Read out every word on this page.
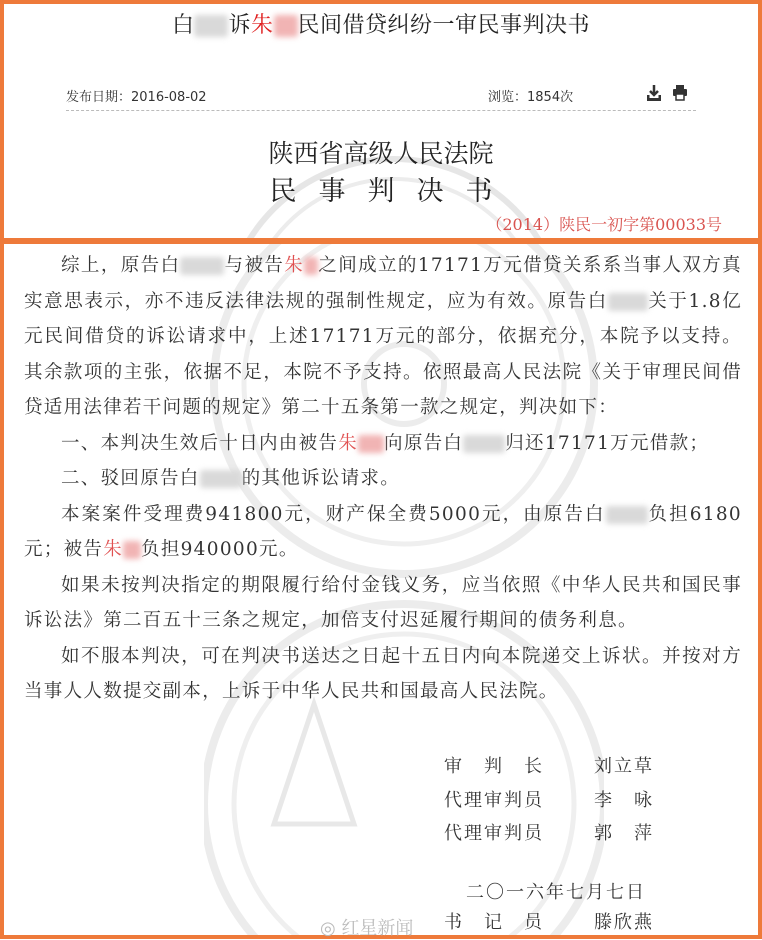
白 诉朱 民间借贷纠纷一审民事判决书
发布日期：2016-08-02	浏览：1854次
陕西省高级人民法院
民事判决书
（2014）陕民一初字第00033号

综上，原告白 与被告朱 之间成立的17171万元借贷关系系当事人双方真实意思表示，亦不违反法律法规的强制性规定，应为有效。原告白 关于1.8亿元民间借贷的诉讼请求中，上述17171万元的部分，依据充分，本院予以支持。其余款项的主张，依据不足，本院不予支持。依照最高人民法院《关于审理民间借贷适用法律若干问题的规定》第二十五条第一款之规定，判决如下：

一、本判决生效后十日内由被告朱 向原告白 归还17171万元借款；

二、驳回原告白 的其他诉讼请求。

本案案件受理费941800元，财产保全费5000元，由原告白 负担6180元；被告朱 负担940000元。

如果未按判决指定的期限履行给付金钱义务，应当依照《中华人民共和国民事诉讼法》第二百五十三条之规定，加倍支付迟延履行期间的债务利息。

如不服本判决，可在判决书送达之日起十五日内向本院递交上诉状。并按对方当事人人数提交副本，上诉于中华人民共和国最高人民法院。

审　判　长	刘立草
代理审判员	李　咏
代理审判员	郭　萍
二〇一六年七月七日
书　记　员	滕欣燕
◎ 红星新闻
